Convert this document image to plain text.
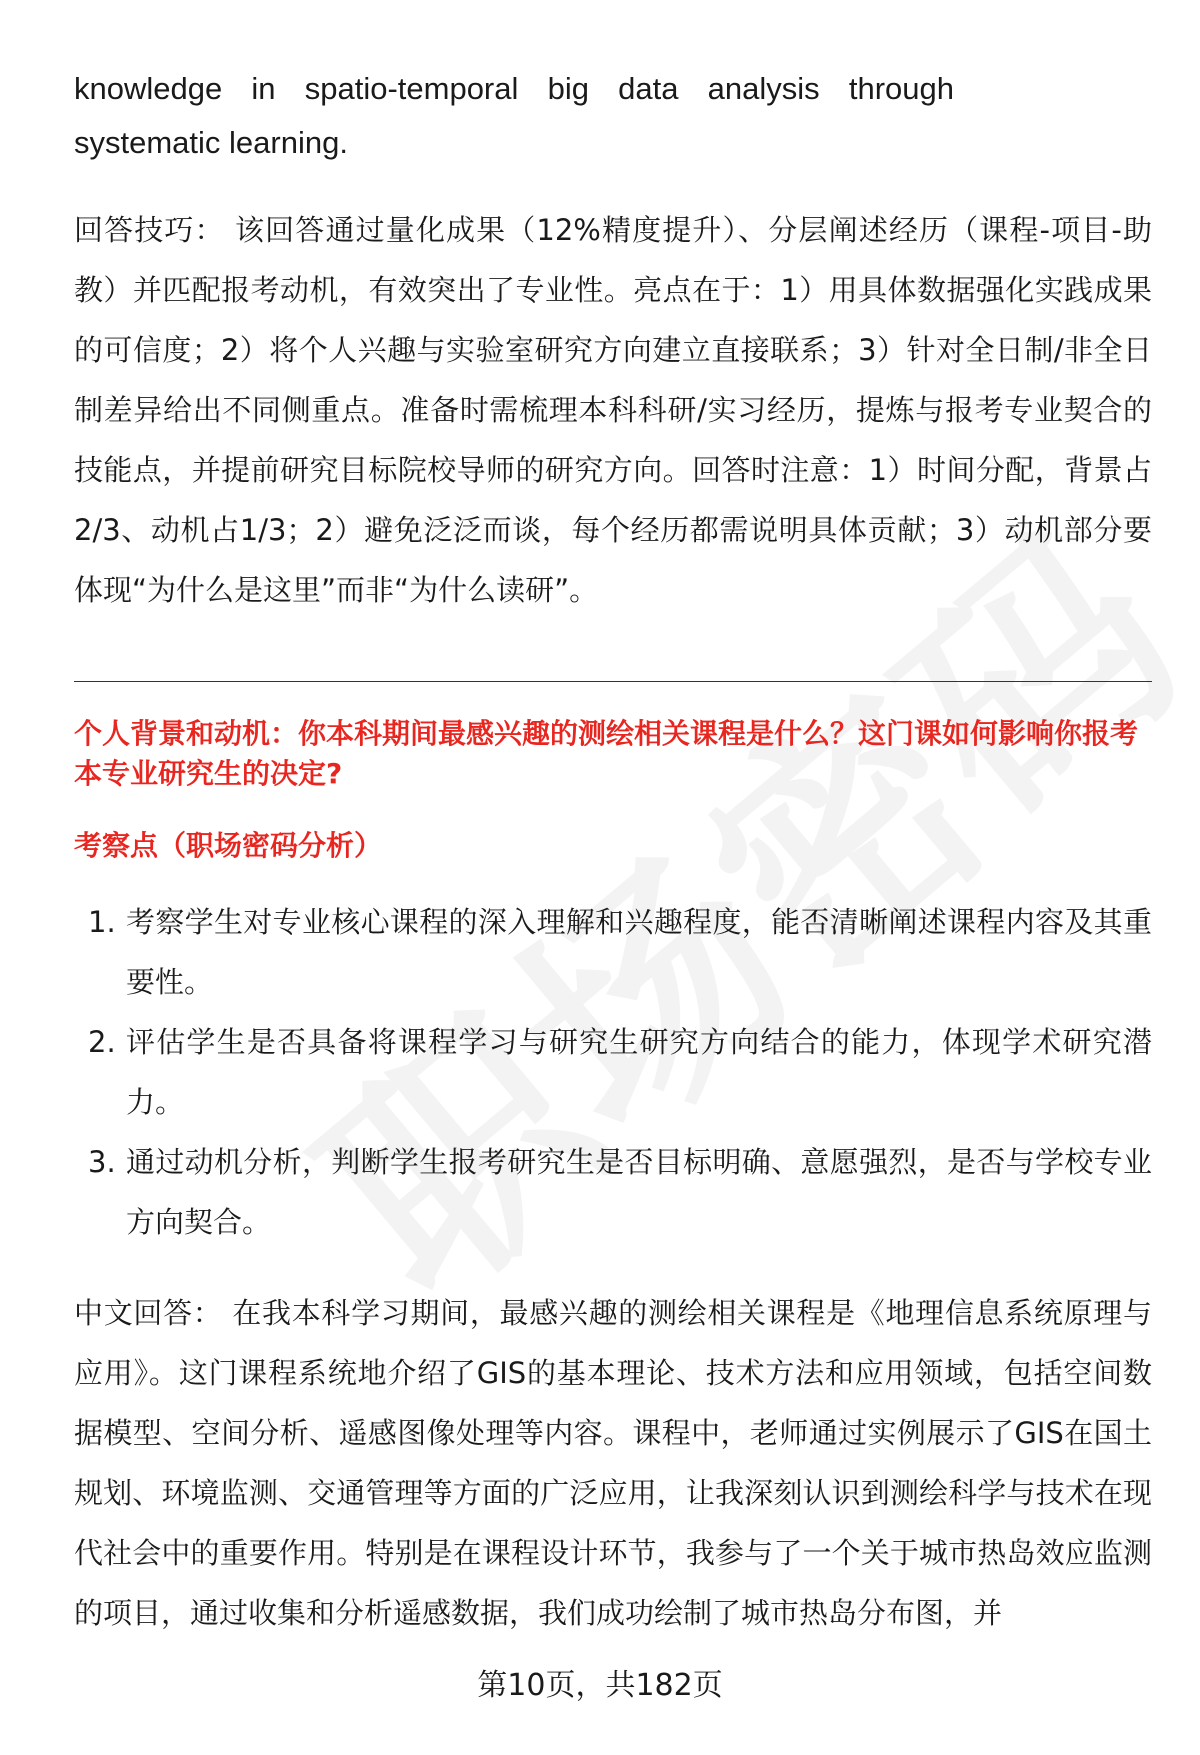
knowledge in spatio-temporal big data analysis through systematic learning.

回答技巧： 该回答通过量化成果（12%精度提升）、分层阐述经历（课程-项目-助教）并匹配报考动机，有效突出了专业性。亮点在于：1）用具体数据强化实践成果的可信度；2）将个人兴趣与实验室研究方向建立直接联系；3）针对全日制/非全日制差异给出不同侧重点。准备时需梳理本科科研/实习经历，提炼与报考专业契合的技能点，并提前研究目标院校导师的研究方向。回答时注意：1）时间分配，背景占2/3、动机占1/3；2）避免泛泛而谈，每个经历都需说明具体贡献；3）动机部分要体现“为什么是这里”而非“为什么读研”。

个人背景和动机：你本科期间最感兴趣的测绘相关课程是什么？这门课如何影响你报考本专业研究生的决定?

考察点（职场密码分析）

1. 考察学生对专业核心课程的深入理解和兴趣程度，能否清晰阐述课程内容及其重要性。
2. 评估学生是否具备将课程学习与研究生研究方向结合的能力，体现学术研究潜力。
3. 通过动机分析，判断学生报考研究生是否目标明确、意愿强烈，是否与学校专业方向契合。

中文回答： 在我本科学习期间，最感兴趣的测绘相关课程是《地理信息系统原理与应用》。这门课程系统地介绍了GIS的基本理论、技术方法和应用领域，包括空间数据模型、空间分析、遥感图像处理等内容。课程中，老师通过实例展示了GIS在国土规划、环境监测、交通管理等方面的广泛应用，让我深刻认识到测绘科学与技术在现代社会中的重要作用。特别是在课程设计环节，我参与了一个关于城市热岛效应监测的项目，通过收集和分析遥感数据，我们成功绘制了城市热岛分布图，并

第10页，共182页
